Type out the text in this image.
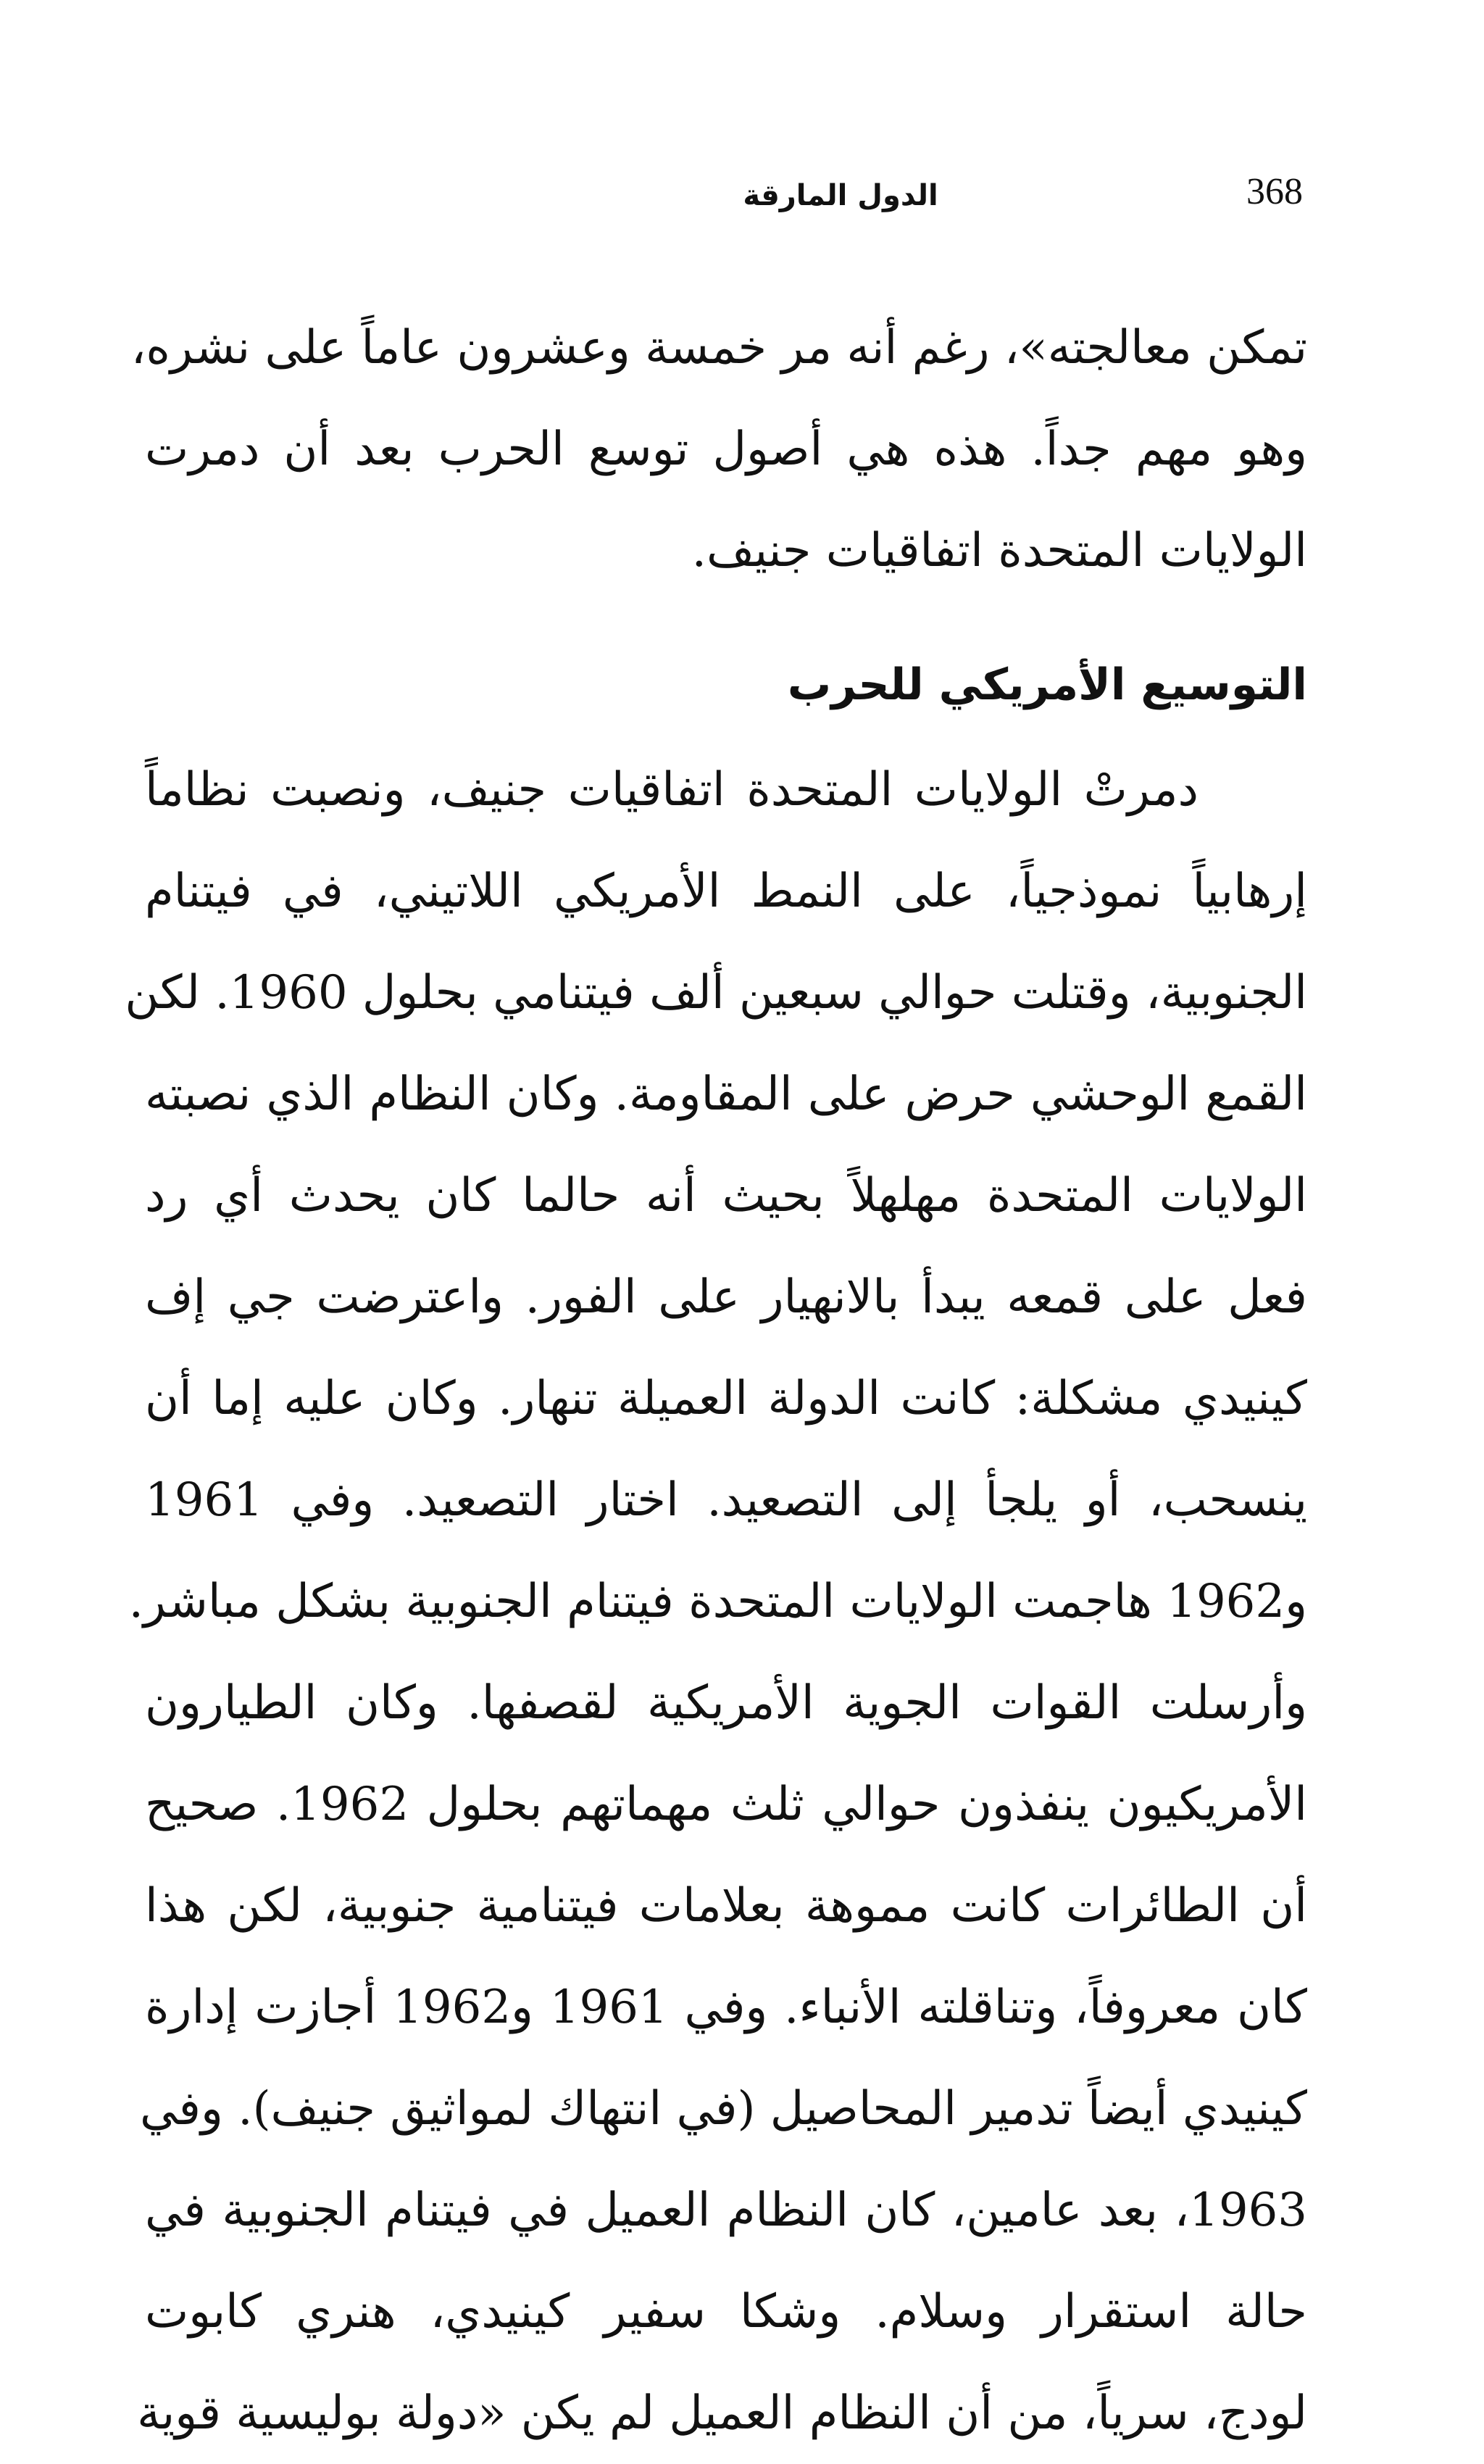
368
الدول المارقة
تمكن معالجته»، رغم أنه مر خمسة وعشرون عاماً على نشره،
وهو مهم جداً. هذه هي أصول توسع الحرب بعد أن دمرت
الولايات المتحدة اتفاقيات جنيف.
التوسيع الأمريكي للحرب
دمرتْ الولايات المتحدة اتفاقيات جنيف، ونصبت نظاماً
إرهابياً نموذجياً، على النمط الأمريكي اللاتيني، في فيتنام
الجنوبية، وقتلت حوالي سبعين ألف فيتنامي بحلول 1960. لكن
القمع الوحشي حرض على المقاومة. وكان النظام الذي نصبته
الولايات المتحدة مهلهلاً بحيث أنه حالما كان يحدث أي رد
فعل على قمعه يبدأ بالانهيار على الفور. واعترضت جي إف
كينيدي مشكلة: كانت الدولة العميلة تنهار. وكان عليه إما أن
ينسحب، أو يلجأ إلى التصعيد. اختار التصعيد. وفي 1961
و1962 هاجمت الولايات المتحدة فيتنام الجنوبية بشكل مباشر.
وأرسلت القوات الجوية الأمريكية لقصفها. وكان الطيارون
الأمريكيون ينفذون حوالي ثلث مهماتهم بحلول 1962. صحيح
أن الطائرات كانت مموهة بعلامات فيتنامية جنوبية، لكن هذا
كان معروفاً، وتناقلته الأنباء. وفي 1961 و1962 أجازت إدارة
كينيدي أيضاً تدمير المحاصيل (في انتهاك لمواثيق جنيف). وفي
1963، بعد عامين، كان النظام العميل في فيتنام الجنوبية في
حالة استقرار وسلام. وشكا سفير كينيدي، هنري كابوت
لودج، سرياً، من أن النظام العميل لم يكن «دولة بوليسية قوية
